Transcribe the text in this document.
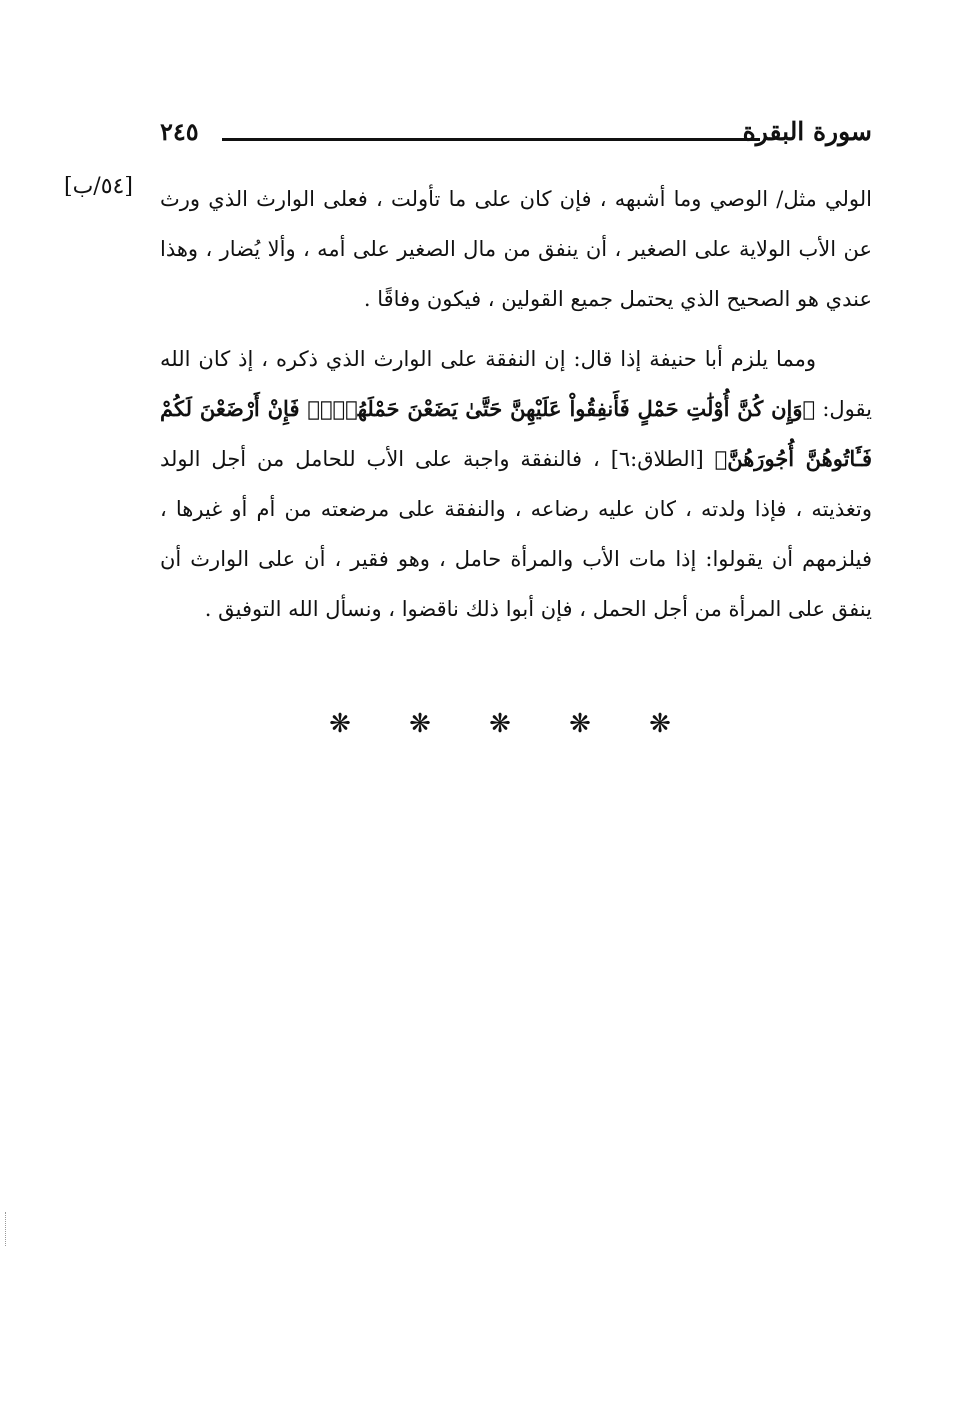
سورة البقرة
٢٤٥
[٥٤/ب] الولي مثل/ الوصي وما أشبهه ، فإن كان على ما تأولت ، فعلى الوارث الذي ورث عن الأب الولاية على الصغير ، أن ينفق من مال الصغير على أمه ، وألا يُضار ، وهذا عندي هو الصحيح الذي يحتمل جميع القولين ، فيكون وفاقًا .

ومما يلزم أبا حنيفة إذا قال: إن النفقة على الوارث الذي ذكره ، إذ كان الله يقول: ﴿وَإِن كُنَّ أُوْلَٰتِ حَمْلٍ فَأَنفِقُواْ عَلَيْهِنَّ حَتَّىٰ يَضَعْنَ حَمْلَهُنَّۚ فَإِنْ أَرْضَعْنَ لَكُمْ فَـَٔاتُوهُنَّ أُجُورَهُنَّ﴾ [الطلاق:٦] ، فالنفقة واجبة على الأب للحامل من أجل الولد وتغذيته ، فإذا ولدته ، كان عليه رضاعه ، والنفقة على مرضعته من أم أو غيرها ، فيلزمهم أن يقولوا: إذا مات الأب والمرأة حامل ، وهو فقير ، أن على الوارث أن ينفق على المرأة من أجل الحمل ، فإن أبوا ذلك ناقضوا ، ونسأل الله التوفيق .

❋	❋	❋	❋	❋
